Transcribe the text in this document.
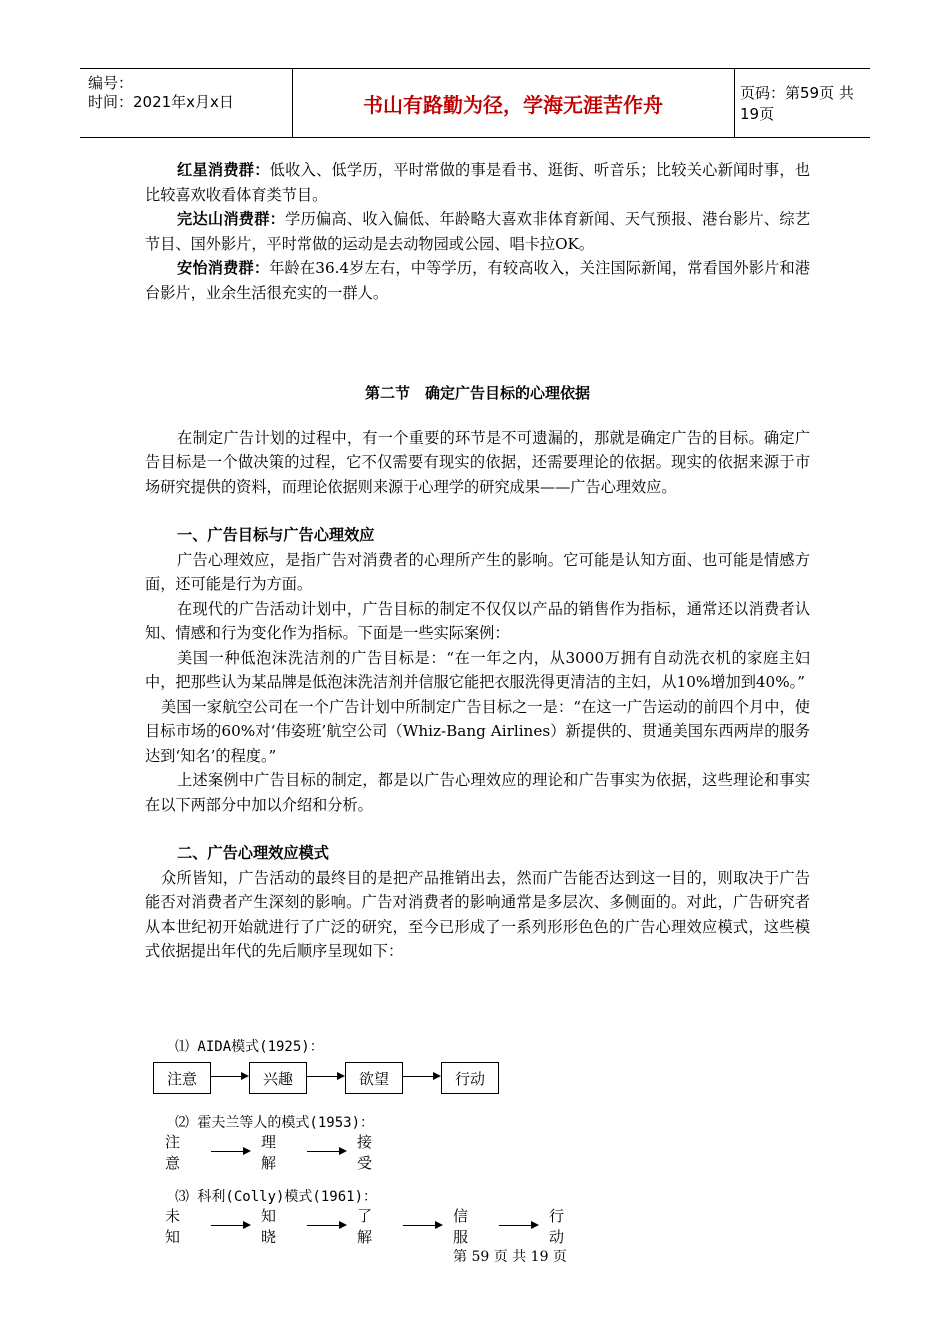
编号：
时间：2021年x月x日	书山有路勤为径，学海无涯苦作舟	页码：第59页 共19页

红星消费群：低收入、低学历，平时常做的事是看书、逛街、听音乐；比较关心新闻时事，也比较喜欢收看体育类节目。

完达山消费群：学历偏高、收入偏低、年龄略大喜欢非体育新闻、天气预报、港台影片、综艺节目、国外影片，平时常做的运动是去动物园或公园、唱卡拉OK。

安怡消费群：年龄在36.4岁左右，中等学历，有较高收入，关注国际新闻，常看国外影片和港台影片，业余生活很充实的一群人。

第二节　确定广告目标的心理依据

在制定广告计划的过程中，有一个重要的环节是不可遗漏的，那就是确定广告的目标。确定广告目标是一个做决策的过程，它不仅需要有现实的依据，还需要理论的依据。现实的依据来源于市场研究提供的资料，而理论依据则来源于心理学的研究成果——广告心理效应。

一、广告目标与广告心理效应

广告心理效应，是指广告对消费者的心理所产生的影响。它可能是认知方面、也可能是情感方面，还可能是行为方面。

在现代的广告活动计划中，广告目标的制定不仅仅以产品的销售作为指标，通常还以消费者认知、情感和行为变化作为指标。下面是一些实际案例：

美国一种低泡沫洗洁剂的广告目标是：“在一年之内，从3000万拥有自动洗衣机的家庭主妇中，把那些认为某品牌是低泡沫洗洁剂并信服它能把衣服洗得更清洁的主妇，从10%增加到40%。”

美国一家航空公司在一个广告计划中所制定广告目标之一是：“在这一广告运动的前四个月中，使目标市场的60%对‘伟姿班’航空公司（Whiz-Bang Airlines）新提供的、贯通美国东西两岸的服务达到‘知名’的程度。”

上述案例中广告目标的制定，都是以广告心理效应的理论和广告事实为依据，这些理论和事实在以下两部分中加以介绍和分析。

二、广告心理效应模式

众所皆知，广告活动的最终目的是把产品推销出去，然而广告能否达到这一目的，则取决于广告能否对消费者产生深刻的影响。广告对消费者的影响通常是多层次、多侧面的。对此，广告研究者从本世纪初开始就进行了广泛的研究，至今已形成了一系列形形色色的广告心理效应模式，这些模式依据提出年代的先后顺序呈现如下：

⑴ AIDA模式(1925)：
注意	兴趣	欲望	行动
⑵ 霍夫兰等人的模式(1953)：
注意
理解
接受
⑶ 科利(Colly)模式(1961)：
未知
知晓
了解
信服
行动
第 59 页 共 19 页
